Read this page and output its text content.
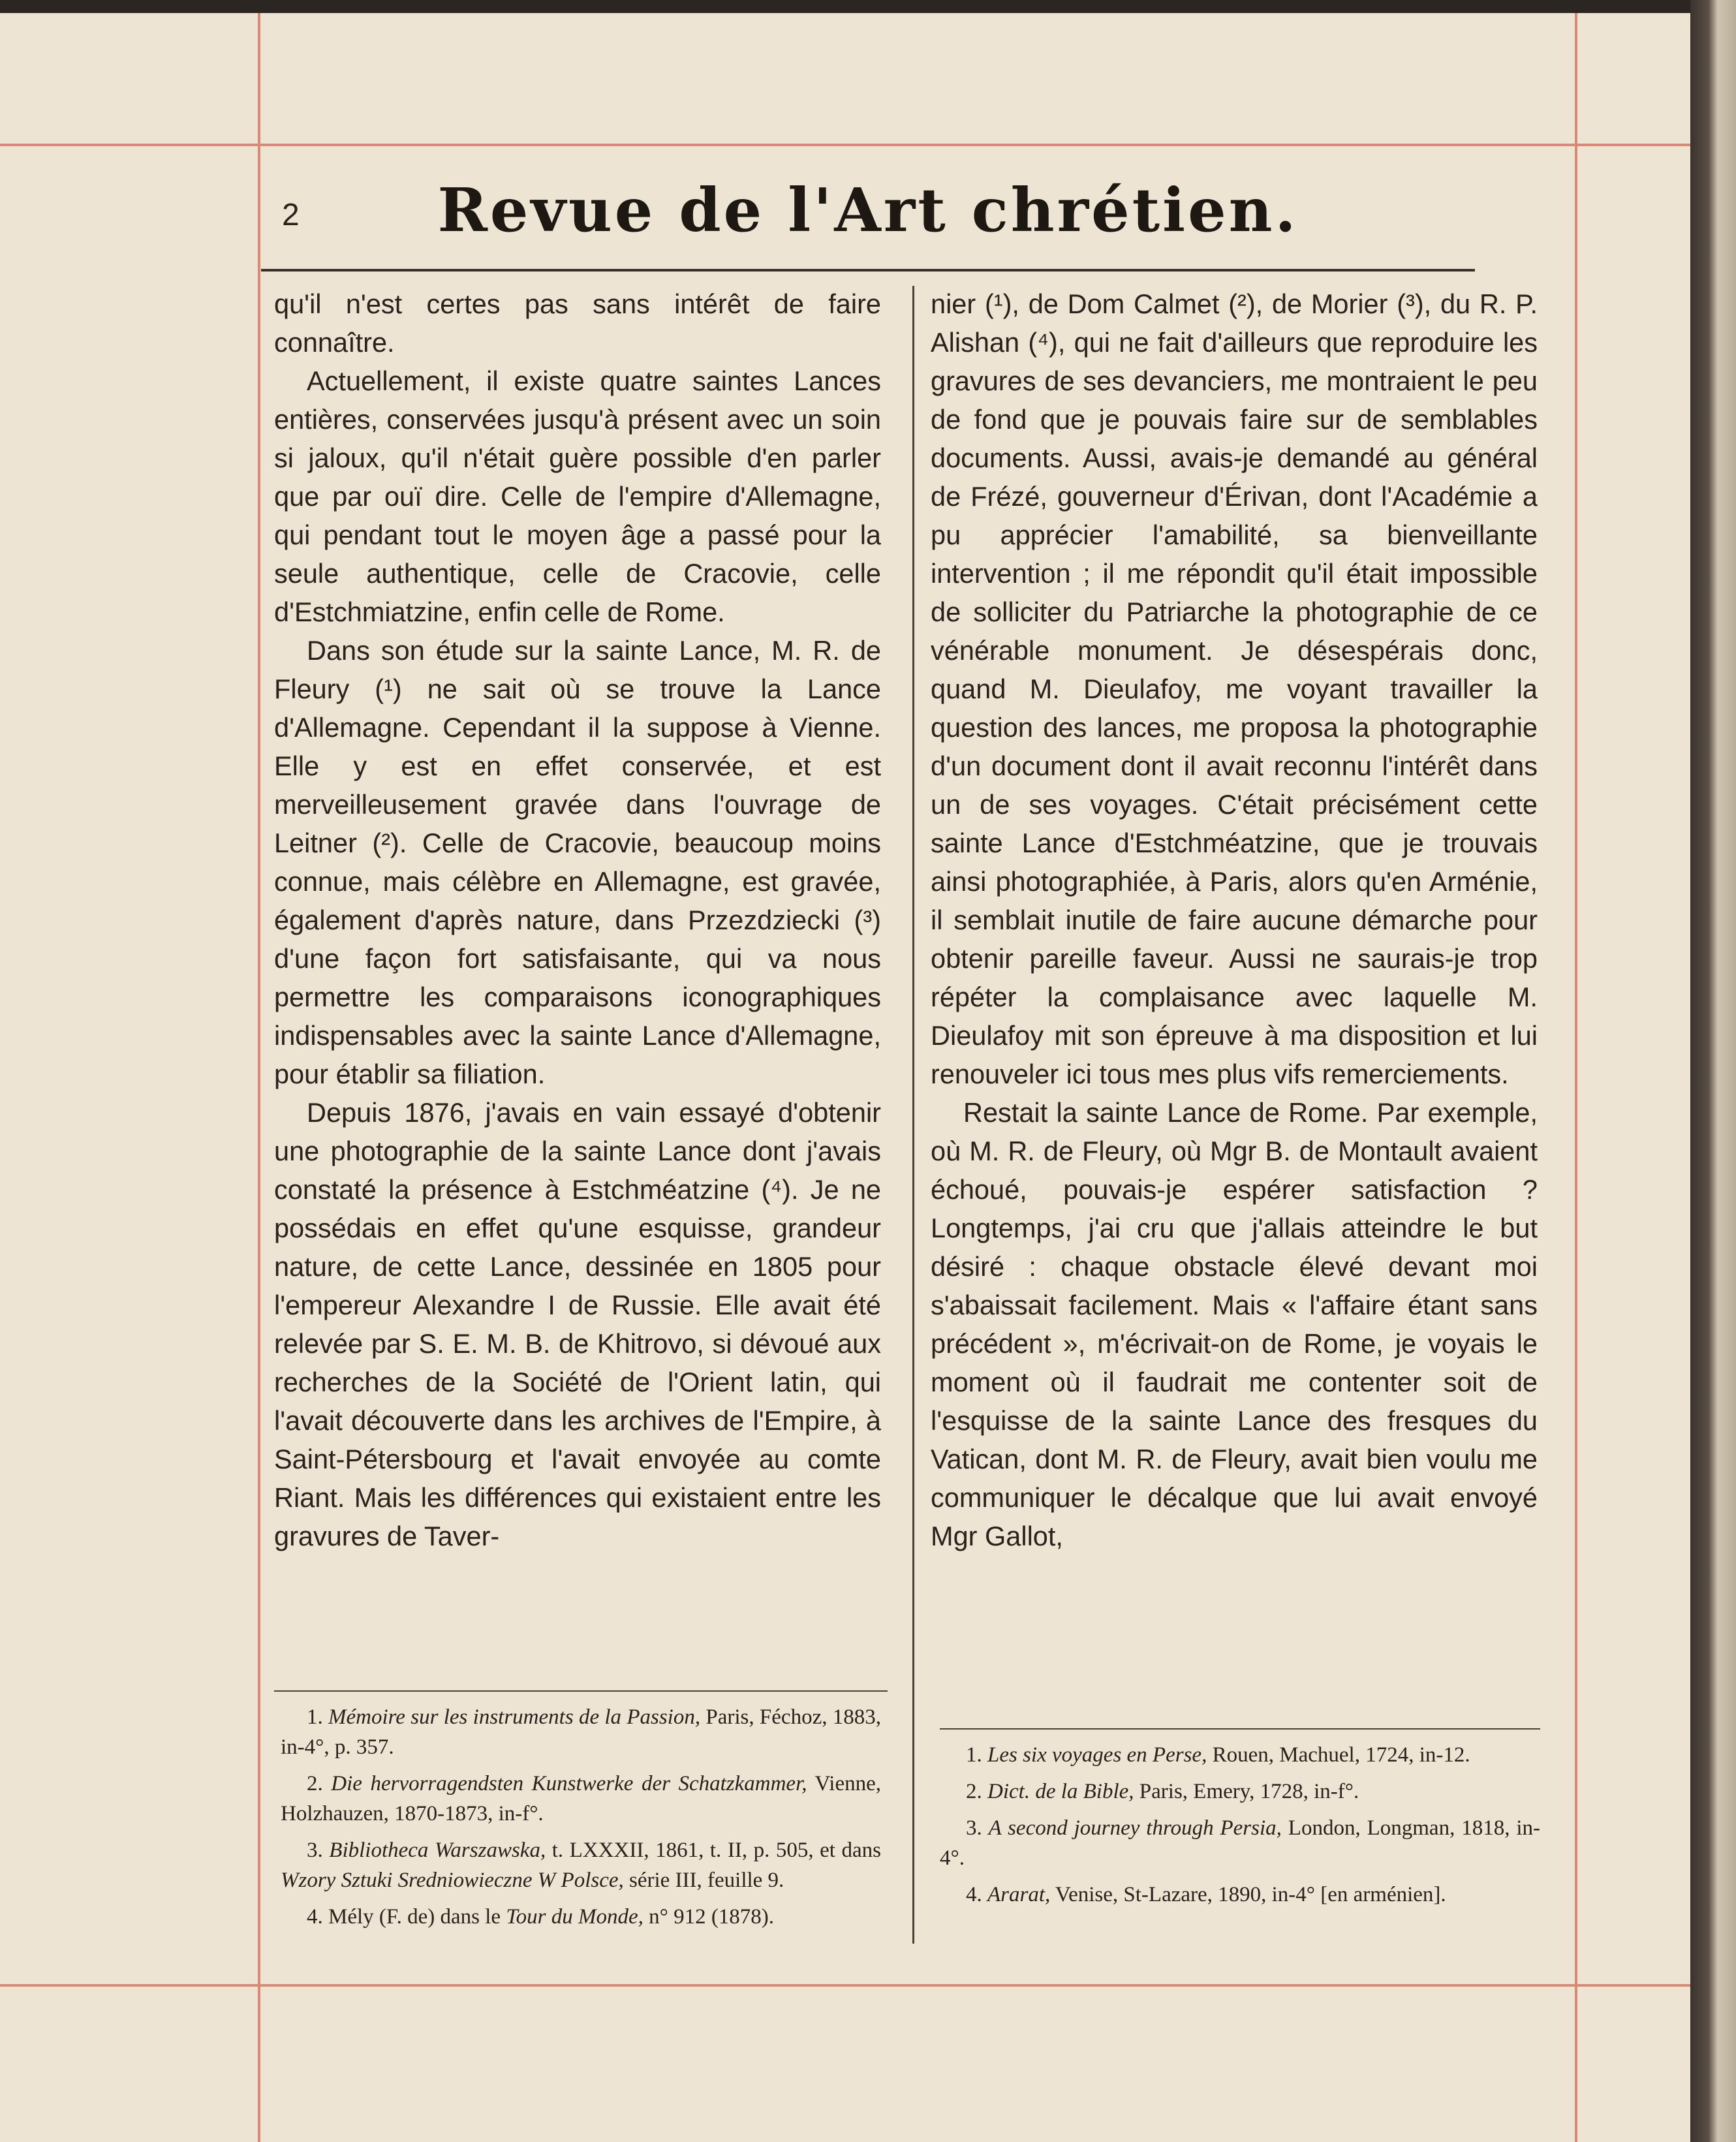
2	Revue de l'Art chrétien.

qu'il n'est certes pas sans intérêt de faire connaître.

Actuellement, il existe quatre saintes Lances entières, conservées jusqu'à présent avec un soin si jaloux, qu'il n'était guère possible d'en parler que par ouï dire. Celle de l'empire d'Allemagne, qui pendant tout le moyen âge a passé pour la seule authentique, celle de Cracovie, celle d'Estchmiatzine, enfin celle de Rome.

Dans son étude sur la sainte Lance, M. R. de Fleury (¹) ne sait où se trouve la Lance d'Allemagne. Cependant il la suppose à Vienne. Elle y est en effet conservée, et est merveilleusement gravée dans l'ouvrage de Leitner (²). Celle de Cracovie, beaucoup moins connue, mais célèbre en Allemagne, est gravée, également d'après nature, dans Przezdziecki (³) d'une façon fort satisfaisante, qui va nous permettre les comparaisons iconographiques indispensables avec la sainte Lance d'Allemagne, pour établir sa filiation.

Depuis 1876, j'avais en vain essayé d'obtenir une photographie de la sainte Lance dont j'avais constaté la présence à Estchméatzine (⁴). Je ne possédais en effet qu'une esquisse, grandeur nature, de cette Lance, dessinée en 1805 pour l'empereur Alexandre I de Russie. Elle avait été relevée par S. E. M. B. de Khitrovo, si dévoué aux recherches de la Société de l'Orient latin, qui l'avait découverte dans les archives de l'Empire, à Saint-Pétersbourg et l'avait envoyée au comte Riant. Mais les différences qui existaient entre les gravures de Taver-

nier (¹), de Dom Calmet (²), de Morier (³), du R. P. Alishan (⁴), qui ne fait d'ailleurs que reproduire les gravures de ses devanciers, me montraient le peu de fond que je pouvais faire sur de semblables documents. Aussi, avais-je demandé au général de Frézé, gouverneur d'Érivan, dont l'Académie a pu apprécier l'amabilité, sa bienveillante intervention ; il me répondit qu'il était impossible de solliciter du Patriarche la photographie de ce vénérable monument. Je désespérais donc, quand M. Dieulafoy, me voyant travailler la question des lances, me proposa la photographie d'un document dont il avait reconnu l'intérêt dans un de ses voyages. C'était précisément cette sainte Lance d'Estchméatzine, que je trouvais ainsi photographiée, à Paris, alors qu'en Arménie, il semblait inutile de faire aucune démarche pour obtenir pareille faveur. Aussi ne saurais-je trop répéter la complaisance avec laquelle M. Dieulafoy mit son épreuve à ma disposition et lui renouveler ici tous mes plus vifs remerciements.

Restait la sainte Lance de Rome. Par exemple, où M. R. de Fleury, où Mgr B. de Montault avaient échoué, pouvais-je espérer satisfaction ? Longtemps, j'ai cru que j'allais atteindre le but désiré : chaque obstacle élevé devant moi s'abaissait facilement. Mais « l'affaire étant sans précédent », m'écrivait-on de Rome, je voyais le moment où il faudrait me contenter soit de l'esquisse de la sainte Lance des fresques du Vatican, dont M. R. de Fleury, avait bien voulu me communiquer le décalque que lui avait envoyé Mgr Gallot,

1. Mémoire sur les instruments de la Passion, Paris, Féchoz, 1883, in-4°, p. 357.

2. Die hervorragendsten Kunstwerke der Schatzkammer, Vienne, Holzhauzen, 1870-1873, in-f°.

3. Bibliotheca Warszawska, t. LXXXII, 1861, t. II, p. 505, et dans Wzory Sztuki Sredniowieczne W Polsce, série III, feuille 9.

4. Mély (F. de) dans le Tour du Monde, n° 912 (1878).

1. Les six voyages en Perse, Rouen, Machuel, 1724, in-12.

2. Dict. de la Bible, Paris, Emery, 1728, in-f°.

3. A second journey through Persia, London, Longman, 1818, in-4°.

4. Ararat, Venise, St-Lazare, 1890, in-4° [en arménien].
